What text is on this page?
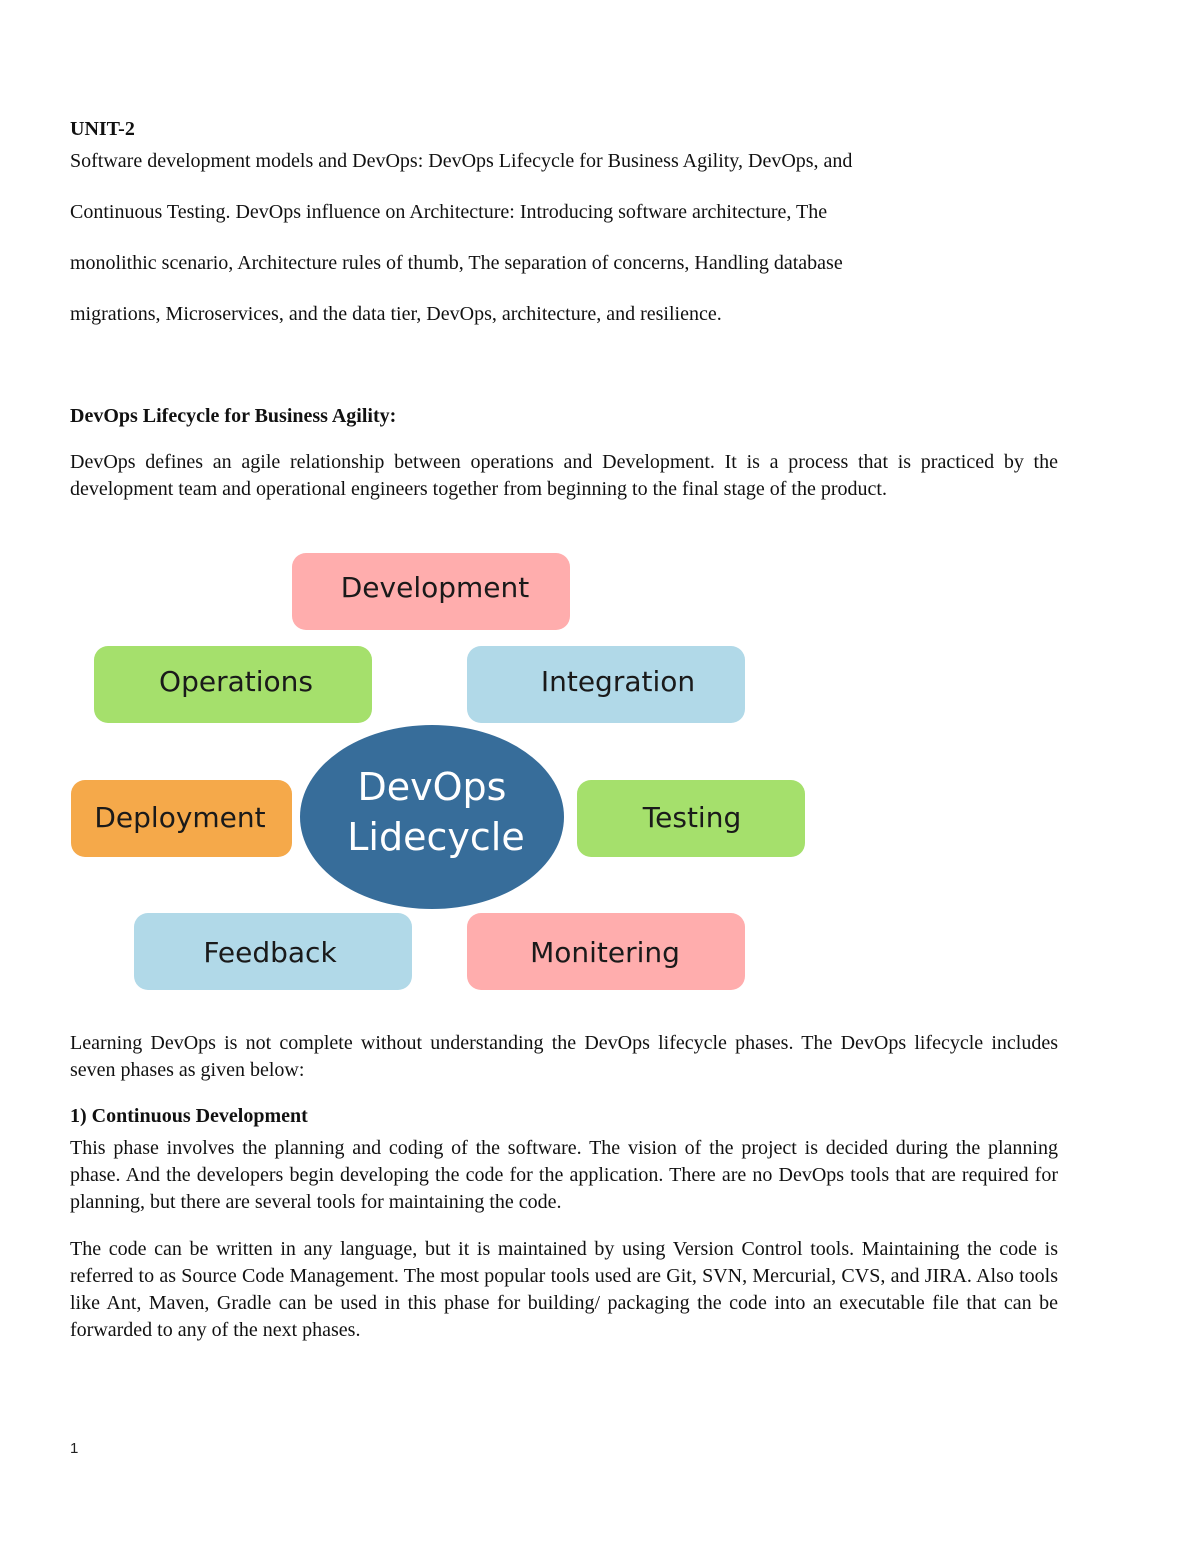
UNIT-2
Software development models and DevOps: DevOps Lifecycle for Business Agility, DevOps, and
Continuous Testing. DevOps influence on Architecture: Introducing software architecture, The
monolithic scenario, Architecture rules of thumb, The separation of concerns, Handling database
migrations, Microservices, and the data tier, DevOps, architecture, and resilience.
DevOps Lifecycle for Business Agility:
DevOps defines an agile relationship between operations and Development. It is a process that is practiced by the development team and operational engineers together from beginning to the final stage of the product.
Development
Operations	Integration
Deployment	Testing
Feedback	Monitering
DevOps
Lidecycle
Learning DevOps is not complete without understanding the DevOps lifecycle phases. The DevOps lifecycle includes seven phases as given below:
1) Continuous Development
This phase involves the planning and coding of the software. The vision of the project is decided during the planning phase. And the developers begin developing the code for the application. There are no DevOps tools that are required for planning, but there are several tools for maintaining the code.
The code can be written in any language, but it is maintained by using Version Control tools. Maintaining the code is referred to as Source Code Management. The most popular tools used are Git, SVN, Mercurial, CVS, and JIRA. Also tools like Ant, Maven, Gradle can be used in this phase for building/ packaging the code into an executable file that can be forwarded to any of the next phases.
1
